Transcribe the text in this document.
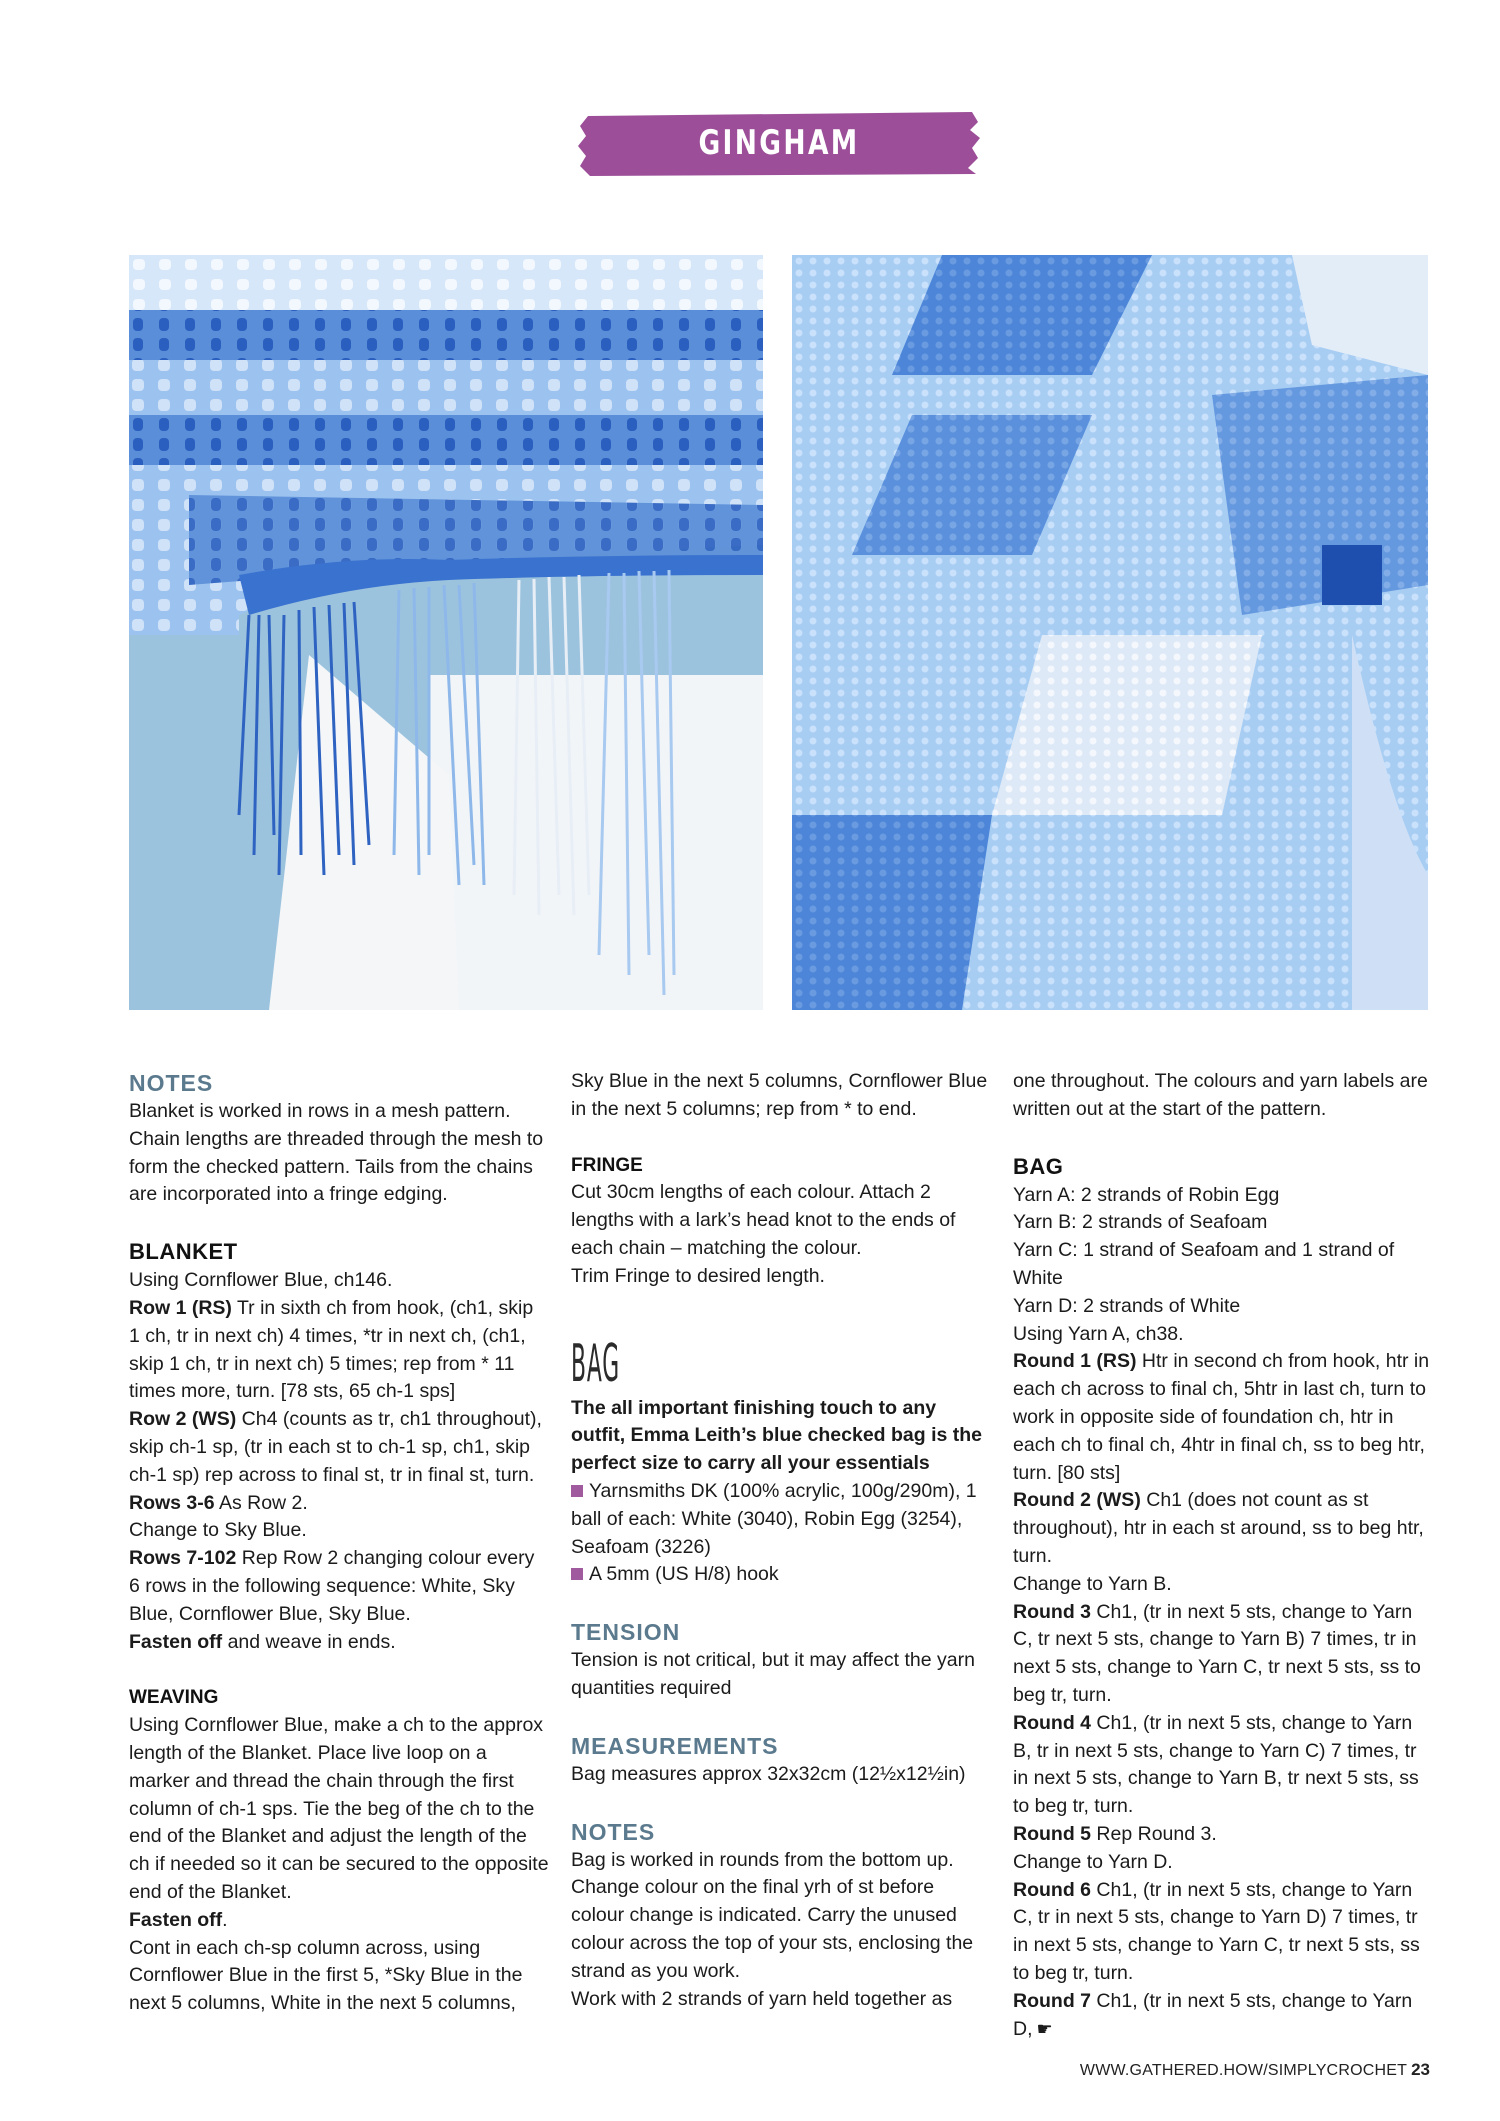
GINGHAM COLLECTION

NOTES

Blanket is worked in rows in a mesh pattern. Chain lengths are threaded through the mesh to form the checked pattern. Tails from the chains are incorporated into a fringe edging.

BLANKET

Using Cornflower Blue, ch146.

Row 1 (RS) Tr in sixth ch from hook, (ch1, skip 1 ch, tr in next ch) 4 times, *tr in next ch, (ch1, skip 1 ch, tr in next ch) 5 times; rep from * 11 times more, turn. [78 sts, 65 ch-1 sps]

Row 2 (WS) Ch4 (counts as tr, ch1 throughout), skip ch-1 sp, (tr in each st to ch-1 sp, ch1, skip ch-1 sp) rep across to final st, tr in final st, turn.

Rows 3-6 As Row 2.

Change to Sky Blue.

Rows 7-102 Rep Row 2 changing colour every 6 rows in the following sequence: White, Sky Blue, Cornflower Blue, Sky Blue.

Fasten off and weave in ends.

WEAVING

Using Cornflower Blue, make a ch to the approx length of the Blanket. Place live loop on a marker and thread the chain through the first column of ch-1 sps. Tie the beg of the ch to the end of the Blanket and adjust the length of the ch if needed so it can be secured to the opposite end of the Blanket.

Fasten off.

Cont in each ch-sp column across, using Cornflower Blue in the first 5, *Sky Blue in the next 5 columns, White in the next 5 columns,

Sky Blue in the next 5 columns, Cornflower Blue in the next 5 columns; rep from * to end.

FRINGE

Cut 30cm lengths of each colour. Attach 2 lengths with a lark’s head knot to the ends of each chain – matching the colour.

Trim Fringe to desired length.

BAG

The all important finishing touch to any outfit, Emma Leith’s blue checked bag is the perfect size to carry all your essentials

Yarnsmiths DK (100% acrylic, 100g/290m), 1 ball of each: White (3040), Robin Egg (3254), Seafoam (3226)

A 5mm (US H/8) hook

TENSION

Tension is not critical, but it may affect the yarn quantities required

MEASUREMENTS

Bag measures approx 32x32cm (12½x12½in)

NOTES

Bag is worked in rounds from the bottom up. Change colour on the final yrh of st before colour change is indicated. Carry the unused colour across the top of your sts, enclosing the strand as you work.

Work with 2 strands of yarn held together as

one throughout. The colours and yarn labels are written out at the start of the pattern.

BAG

Yarn A: 2 strands of Robin Egg

Yarn B: 2 strands of Seafoam

Yarn C: 1 strand of Seafoam and 1 strand of White

Yarn D: 2 strands of White

Using Yarn A, ch38.

Round 1 (RS) Htr in second ch from hook, htr in each ch across to final ch, 5htr in last ch, turn to work in opposite side of foundation ch, htr in each ch to final ch, 4htr in final ch, ss to beg htr, turn. [80 sts]

Round 2 (WS) Ch1 (does not count as st throughout), htr in each st around, ss to beg htr, turn.

Change to Yarn B.

Round 3 Ch1, (tr in next 5 sts, change to Yarn C, tr next 5 sts, change to Yarn B) 7 times, tr in next 5 sts, change to Yarn C, tr next 5 sts, ss to beg tr, turn.

Round 4 Ch1, (tr in next 5 sts, change to Yarn B, tr in next 5 sts, change to Yarn C) 7 times, tr in next 5 sts, change to Yarn B, tr next 5 sts, ss to beg tr, turn.

Round 5 Rep Round 3.

Change to Yarn D.

Round 6 Ch1, (tr in next 5 sts, change to Yarn C, tr in next 5 sts, change to Yarn D) 7 times, tr in next 5 sts, change to Yarn C, tr next 5 sts, ss to beg tr, turn.

Round 7 Ch1, (tr in next 5 sts, change to Yarn D, ☛

WWW.GATHERED.HOW/SIMPLYCROCHET 23
